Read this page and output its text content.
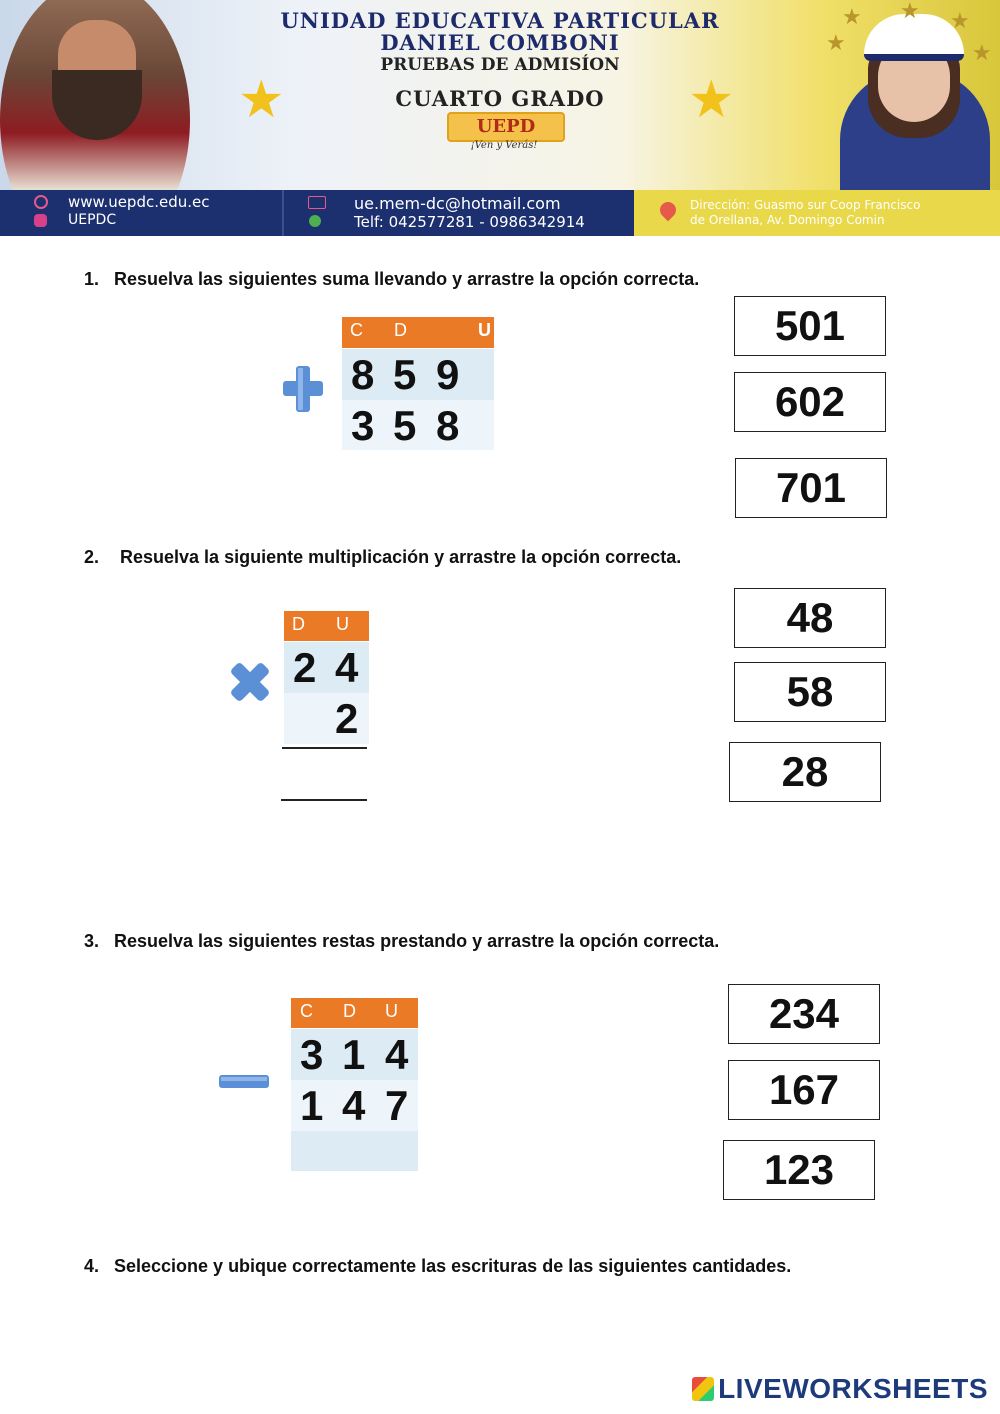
★
★ ★ ★
★
UNIDAD EDUCATIVA PARTICULAR
DANIEL COMBONI
PRUEBAS DE ADMISÍON
CUARTO GRADO
★	★
UEPD
¡Ven y Verás!
www.uepdc.edu.ec
UEPDC
ue.mem-dc@hotmail.com
Telf: 042577281 - 0986342914
Dirección: Guasmo sur Coop Francisco
de Orellana, Av. Domingo Comin
1. Resuelva las siguientes suma llevando y arrastre la opción correcta.
C D	U
8 5 9
3 5 8
501
602
701
2. Resuelva la siguiente multiplicación y arrastre la opción correcta.
D U
2 4
2
48
58
28
3. Resuelva las siguientes restas prestando y arrastre la opción correcta.
C D U
3 1 4
1 4 7
234
167
123
4. Seleccione y ubique correctamente las escrituras de las siguientes cantidades.
LIVEWORKSHEETS
